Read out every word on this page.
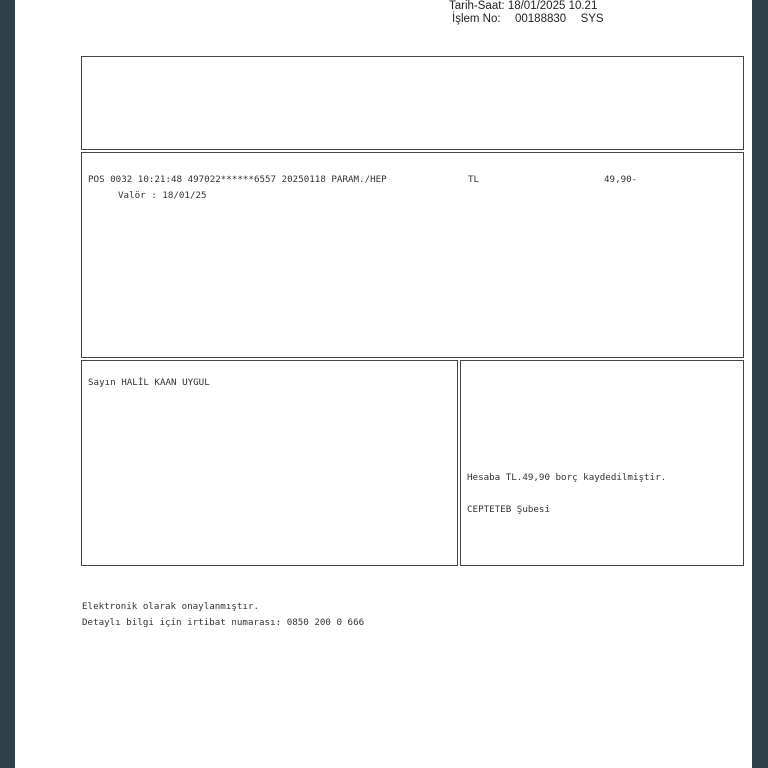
Tarih-Saat: 18/01/2025 10.21
İşlem No: 00188830 SYS
POS 0032 10:21:48 497022******6557 20250118 PARAM./HEP	TL	49,90-
Valör : 18/01/25
Sayın HALİL KAAN UYGUL
Hesaba TL.49,90 borç kaydedilmiştir.
CEPTETEB Şubesi
Elektronik olarak onaylanmıştır.
Detaylı bilgi için irtibat numarası: 0850 200 0 666
